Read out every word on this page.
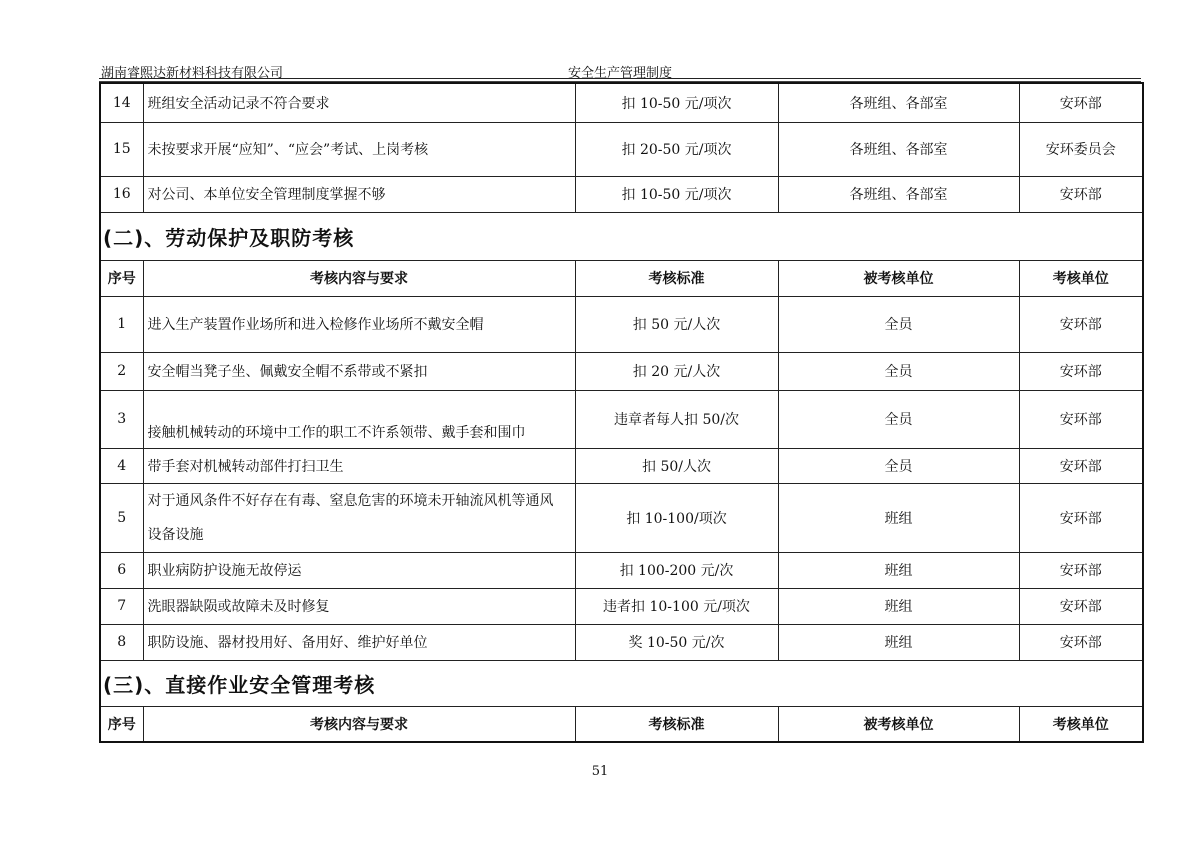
湖南睿熙达新材料科技有限公司	安全生产管理制度
14	班组安全活动记录不符合要求	扣 10-50 元/项次	各班组、各部室	安环部
15	未按要求开展“应知”、“应会”考试、上岗考核	扣 20-50 元/项次	各班组、各部室	安环委员会
16	对公司、本单位安全管理制度掌握不够	扣 10-50 元/项次	各班组、各部室	安环部
(二)、劳动保护及职防考核				
序号	考核内容与要求	考核标准	被考核单位	考核单位
1	进入生产装置作业场所和进入检修作业场所不戴安全帽	扣 50 元/人次	全员	安环部
2	安全帽当凳子坐、佩戴安全帽不系带或不紧扣	扣 20 元/人次	全员	安环部
3	接触机械转动的环境中工作的职工不许系领带、戴手套和围巾	违章者每人扣 50/次	全员	安环部
4	带手套对机械转动部件打扫卫生	扣 50/人次	全员	安环部
5	对于通风条件不好存在有毒、窒息危害的环境未开轴流风机等通风
设备设施	扣 10-100/项次	班组	安环部
6	职业病防护设施无故停运	扣 100-200 元/次	班组	安环部
7	洗眼器缺陨或故障未及时修复	违者扣 10-100 元/项次	班组	安环部
8	职防设施、器材投用好、备用好、维护好单位	奖 10-50 元/次	班组	安环部
(三)、直接作业安全管理考核				
序号	考核内容与要求	考核标准	被考核单位	考核单位
51
